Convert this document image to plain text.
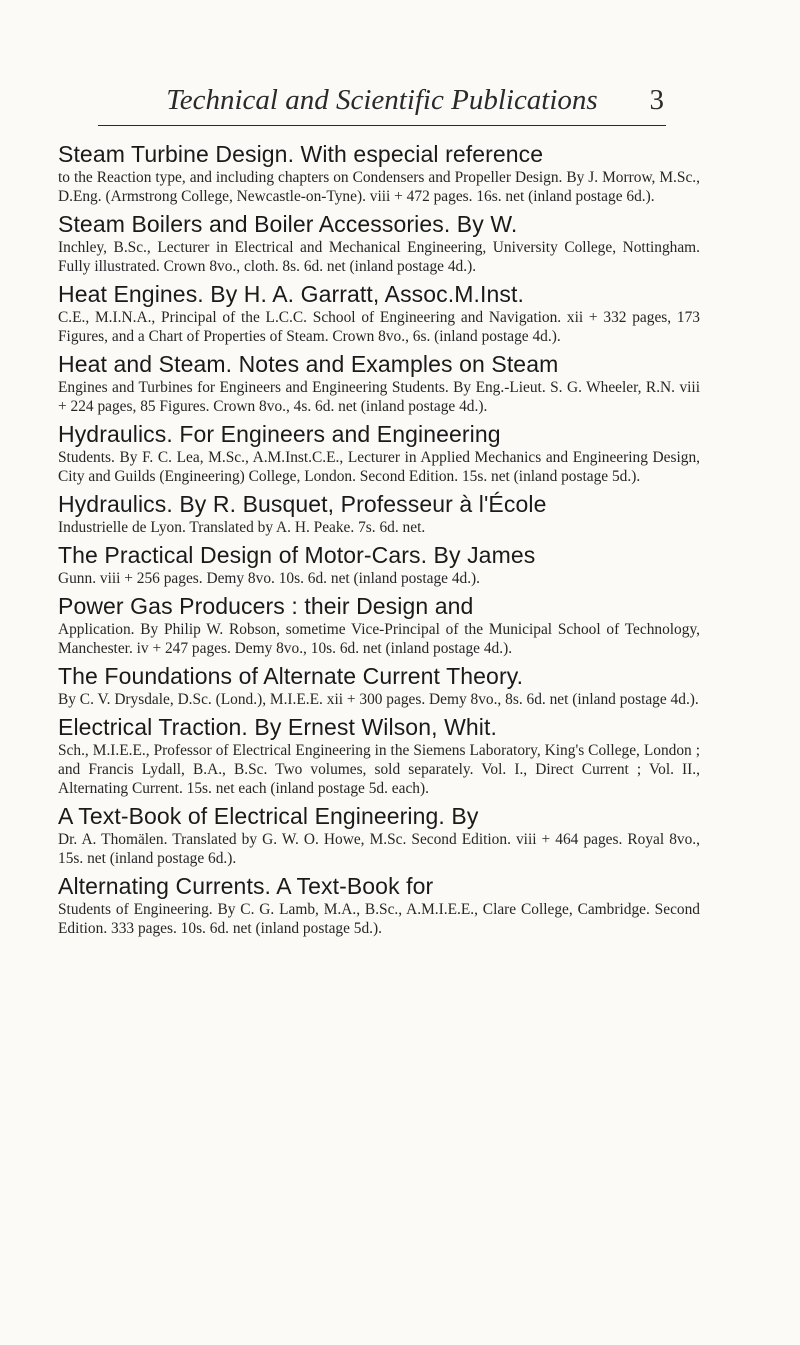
Technical and Scientific Publications	3
Steam Turbine Design. With especial reference
to the Reaction type, and including chapters on Condensers and Propeller Design. By J. Morrow, M.Sc., D.Eng. (Armstrong College, Newcastle-on-Tyne). viii + 472 pages. 16s. net (inland postage 6d.).
Steam Boilers and Boiler Accessories. By W.
Inchley, B.Sc., Lecturer in Electrical and Mechanical Engineering, University College, Nottingham. Fully illustrated. Crown 8vo., cloth. 8s. 6d. net (inland postage 4d.).
Heat Engines. By H. A. Garratt, Assoc.M.Inst.
C.E., M.I.N.A., Principal of the L.C.C. School of Engineering and Navigation. xii + 332 pages, 173 Figures, and a Chart of Properties of Steam. Crown 8vo., 6s. (inland postage 4d.).
Heat and Steam. Notes and Examples on Steam
Engines and Turbines for Engineers and Engineering Students. By Eng.-Lieut. S. G. Wheeler, R.N. viii + 224 pages, 85 Figures. Crown 8vo., 4s. 6d. net (inland postage 4d.).
Hydraulics. For Engineers and Engineering
Students. By F. C. Lea, M.Sc., A.M.Inst.C.E., Lecturer in Applied Mechanics and Engineering Design, City and Guilds (Engineering) College, London. Second Edition. 15s. net (inland postage 5d.).
Hydraulics. By R. Busquet, Professeur à l'École
Industrielle de Lyon. Translated by A. H. Peake. 7s. 6d. net.
The Practical Design of Motor-Cars. By James
Gunn. viii + 256 pages. Demy 8vo. 10s. 6d. net (inland postage 4d.).
Power Gas Producers : their Design and
Application. By Philip W. Robson, sometime Vice-Principal of the Municipal School of Technology, Manchester. iv + 247 pages. Demy 8vo., 10s. 6d. net (inland postage 4d.).
The Foundations of Alternate Current Theory.
By C. V. Drysdale, D.Sc. (Lond.), M.I.E.E. xii + 300 pages. Demy 8vo., 8s. 6d. net (inland postage 4d.).
Electrical Traction. By Ernest Wilson, Whit.
Sch., M.I.E.E., Professor of Electrical Engineering in the Siemens Laboratory, King's College, London ; and Francis Lydall, B.A., B.Sc. Two volumes, sold separately. Vol. I., Direct Current ; Vol. II., Alternating Current. 15s. net each (inland postage 5d. each).
A Text-Book of Electrical Engineering. By
Dr. A. Thomälen. Translated by G. W. O. Howe, M.Sc. Second Edition. viii + 464 pages. Royal 8vo., 15s. net (inland postage 6d.).
Alternating Currents. A Text-Book for
Students of Engineering. By C. G. Lamb, M.A., B.Sc., A.M.I.E.E., Clare College, Cambridge. Second Edition. 333 pages. 10s. 6d. net (inland postage 5d.).
